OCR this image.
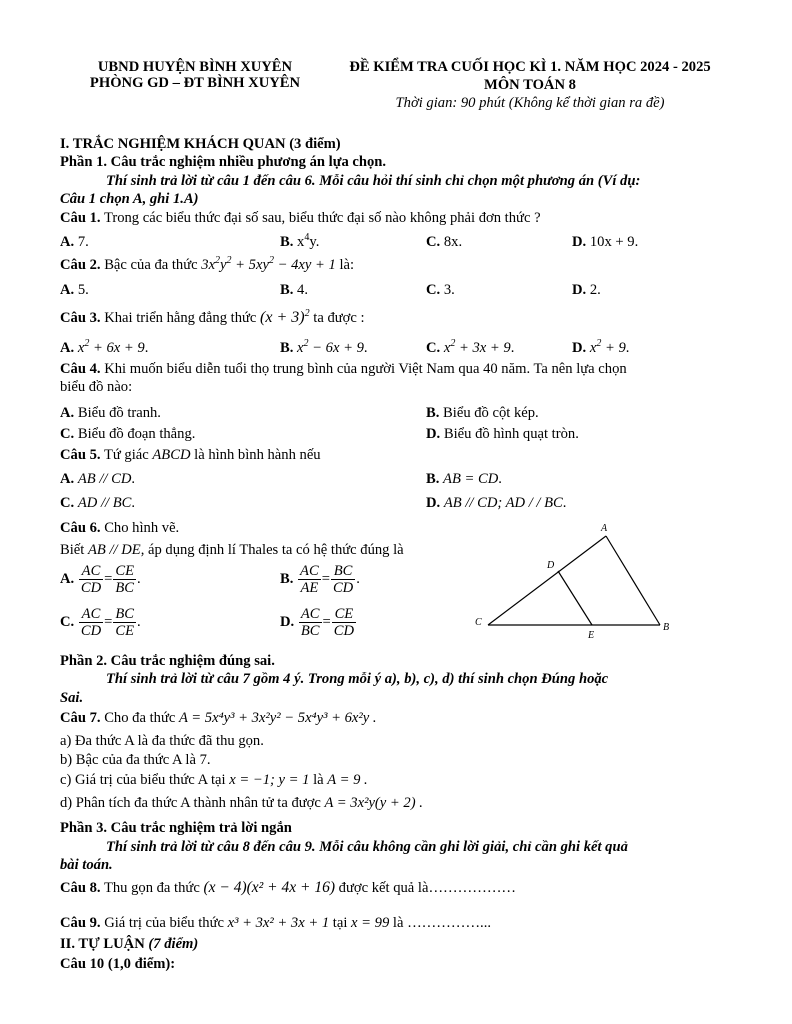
UBND HUYỆN BÌNH XUYÊN
PHÒNG GD – ĐT BÌNH XUYÊN
ĐỀ KIỂM TRA CUỐI HỌC KÌ 1. NĂM HỌC 2024 - 2025
MÔN TOÁN 8
Thời gian: 90 phút (Không kể thời gian ra đề)
I. TRẮC NGHIỆM KHÁCH QUAN (3 điểm)
Phần 1. Câu trắc nghiệm nhiều phương án lựa chọn.
Thí sinh trả lời từ câu 1 đến câu 6. Mỗi câu hỏi thí sinh chỉ chọn một phương án (Ví dụ:
Câu 1 chọn A, ghi 1.A)
Câu 1. Trong các biểu thức đại số sau, biểu thức đại số nào không phải đơn thức ?
A. 7.	B. $x^4y$.	C. 8x.	D. 10x + 9.
Câu 2. Bậc của đa thức $3x^2y^2 + 5xy^2 - 4xy + 1$ là:
A. 5.	B. 4.	C. 3.	D. 2.
Câu 3. Khai triển hằng đẳng thức $(x + 3)^2$ ta được :
A. $x^2 + 6x + 9$.	B. $x^2 - 6x + 9$.	C. $x^2 + 3x + 9$.	D. $x^2 + 9$.
Câu 4. Khi muốn biểu diễn tuổi thọ trung bình của người Việt Nam qua 40 năm. Ta nên lựa chọn
biểu đồ nào:
A. Biểu đồ tranh.	B. Biểu đồ cột kép.
C. Biểu đồ đoạn thẳng.	D. Biểu đồ hình quạt tròn.
Câu 5. Tứ giác ABCD là hình bình hành nếu
A. AB // CD.	B. AB = CD.
C. AD // BC.	D. AB // CD; AD / / BC.
Câu 6. Cho hình vẽ.
Biết AB // DE, áp dụng định lí Thales ta có hệ thức đúng là
A. $\frac{AC}{CD} = \frac{CE}{BC}$ .	B. $\frac{AC}{AE} = \frac{BC}{CD}$ .
C. $\frac{AC}{CD} = \frac{BC}{CE}$ .	D. $\frac{AC}{BC} = \frac{CE}{CD}$
A
D
C
E
B
Phần 2. Câu trắc nghiệm đúng sai.
Thí sinh trả lời từ câu 7 gồm 4 ý. Trong mỗi ý a), b), c), d) thí sinh chọn Đúng hoặc
Sai.
Câu 7. Cho đa thức A = 5x⁴y³ + 3x²y² − 5x⁴y³ + 6x²y .
a) Đa thức A là đa thức đã thu gọn.
b) Bậc của đa thức A là 7.
c) Giá trị của biểu thức A tại x = −1; y = 1 là A = 9 .
d) Phân tích đa thức A thành nhân tử ta được A = 3x²y(y + 2) .
Phần 3. Câu trắc nghiệm trả lời ngắn
Thí sinh trả lời từ câu 8 đến câu 9. Mỗi câu không cần ghi lời giải, chỉ cần ghi kết quả
bài toán.
Câu 8. Thu gọn đa thức (x − 4)(x² + 4x + 16) được kết quả là………………
Câu 9. Giá trị của biểu thức x³ + 3x² + 3x + 1 tại x = 99 là ……………...
II. TỰ LUẬN (7 điểm)
Câu 10 (1,0 điểm):
